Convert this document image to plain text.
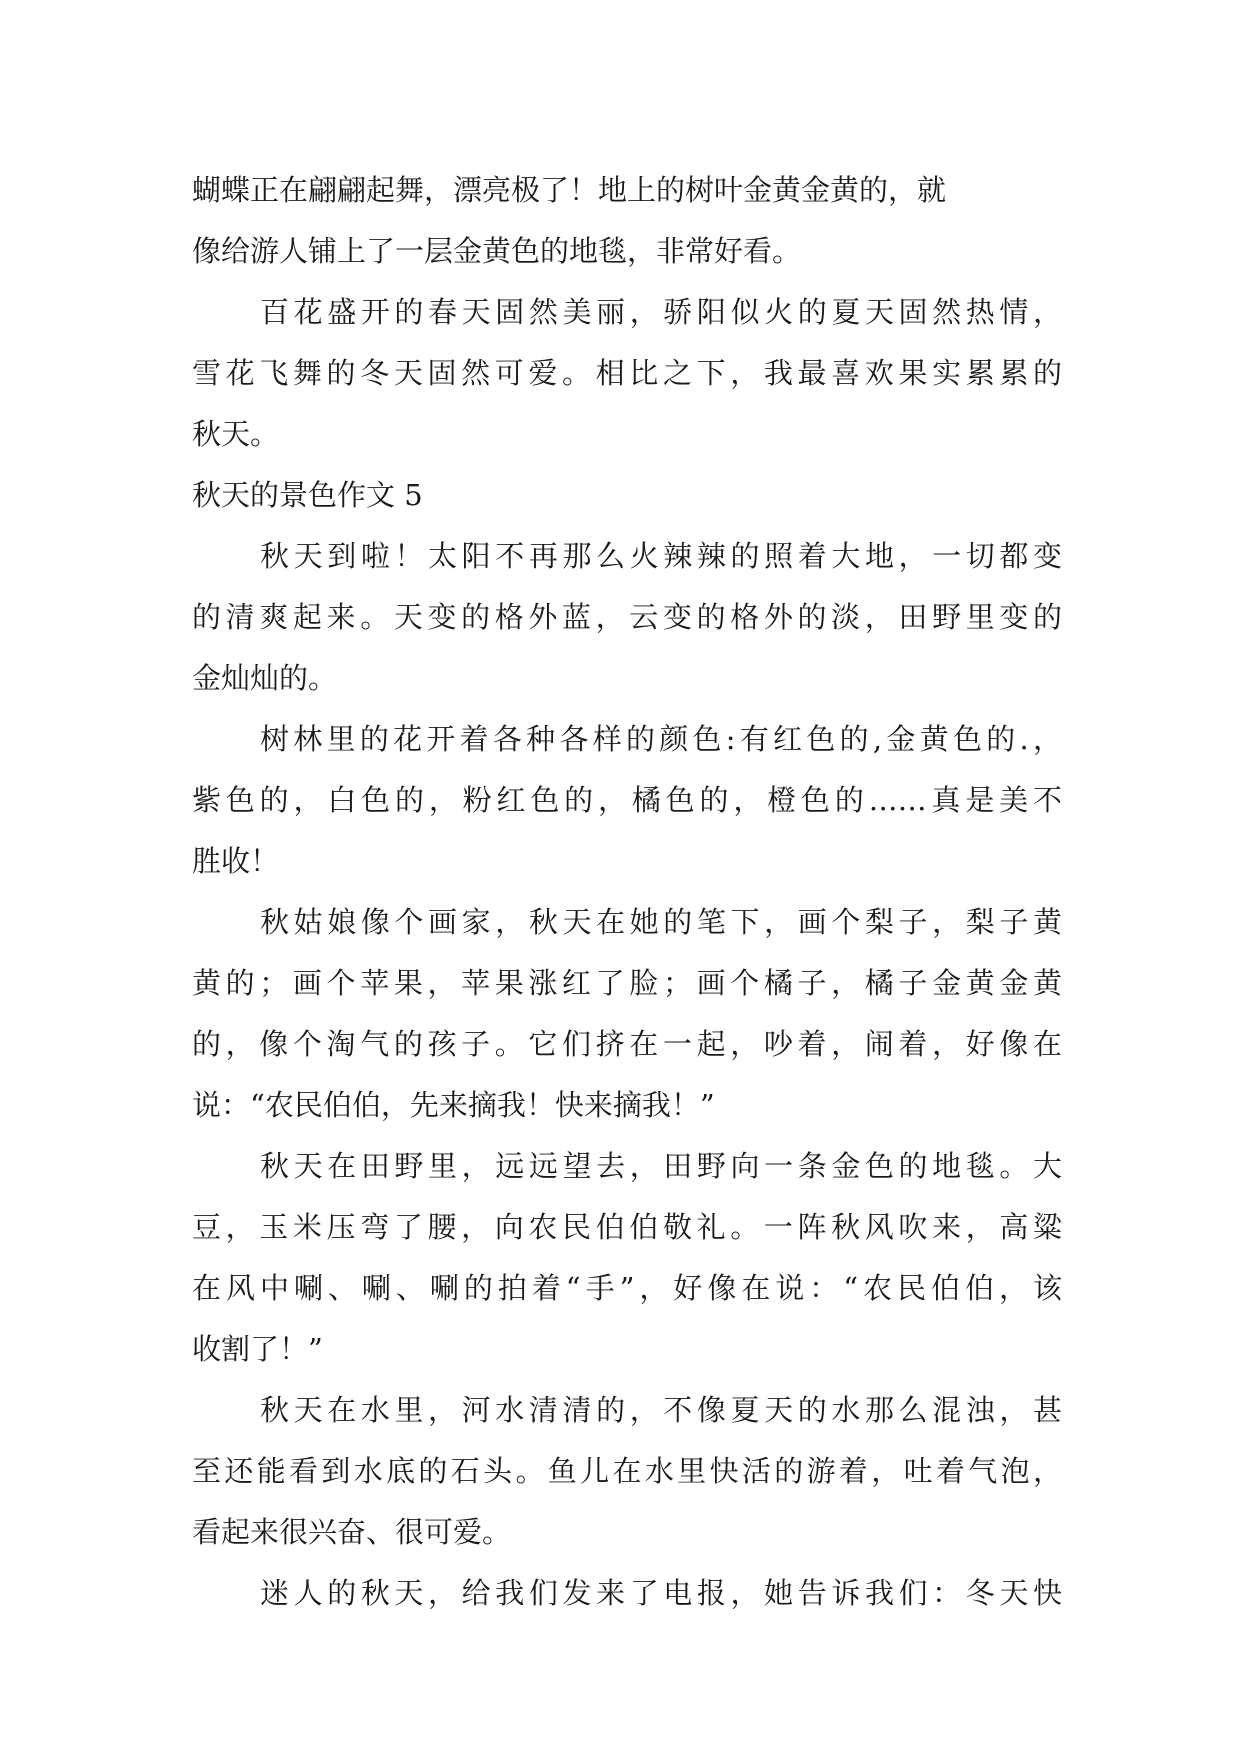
蝴蝶正在翩翩起舞，漂亮极了！地上的树叶金黄金黄的，就
像给游人铺上了一层金黄色的地毯，非常好看。
百花盛开的春天固然美丽，骄阳似火的夏天固然热情，
雪花飞舞的冬天固然可爱。相比之下，我最喜欢果实累累的
秋天。
秋天的景色作文 5
秋天到啦！太阳不再那么火辣辣的照着大地，一切都变
的清爽起来。天变的格外蓝，云变的格外的淡，田野里变的
金灿灿的。
树林里的花开着各种各样的颜色:有红色的,金黄色的.，
紫色的，白色的，粉红色的，橘色的，橙色的……真是美不
胜收！
秋姑娘像个画家，秋天在她的笔下，画个梨子，梨子黄
黄的；画个苹果，苹果涨红了脸；画个橘子，橘子金黄金黄
的，像个淘气的孩子。它们挤在一起，吵着，闹着，好像在
说：“农民伯伯，先来摘我！快来摘我！”
秋天在田野里，远远望去，田野向一条金色的地毯。大
豆，玉米压弯了腰，向农民伯伯敬礼。一阵秋风吹来，高粱
在风中唰、唰、唰的拍着“手”，好像在说：“农民伯伯，该
收割了！”
秋天在水里，河水清清的，不像夏天的水那么混浊，甚
至还能看到水底的石头。鱼儿在水里快活的游着，吐着气泡，
看起来很兴奋、很可爱。
迷人的秋天，给我们发来了电报，她告诉我们：冬天快
